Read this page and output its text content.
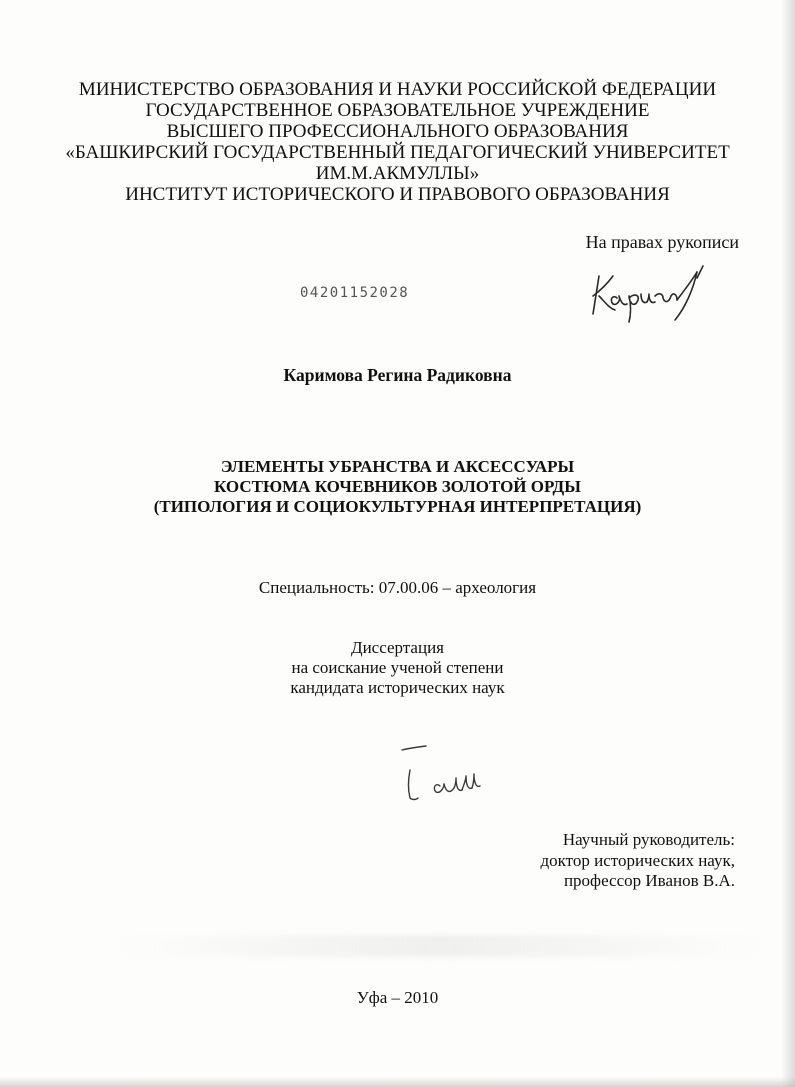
МИНИСТЕРСТВО ОБРАЗОВАНИЯ И НАУКИ РОССИЙСКОЙ ФЕДЕРАЦИИ
ГОСУДАРСТВЕННОЕ ОБРАЗОВАТЕЛЬНОЕ УЧРЕЖДЕНИЕ
ВЫСШЕГО ПРОФЕССИОНАЛЬНОГО ОБРАЗОВАНИЯ
«БАШКИРСКИЙ ГОСУДАРСТВЕННЫЙ ПЕДАГОГИЧЕСКИЙ УНИВЕРСИТЕТ
ИМ.М.АКМУЛЛЫ»
ИНСТИТУТ ИСТОРИЧЕСКОГО И ПРАВОВОГО ОБРАЗОВАНИЯ
На правах рукописи
04201152028
Каримова Регина Радиковна
ЭЛЕМЕНТЫ УБРАНСТВА И АКСЕССУАРЫ
КОСТЮМА КОЧЕВНИКОВ ЗОЛОТОЙ ОРДЫ
(ТИПОЛОГИЯ И СОЦИОКУЛЬТУРНАЯ ИНТЕРПРЕТАЦИЯ)
Специальность: 07.00.06 – археология
Диссертация
на соискание ученой степени
кандидата исторических наук
Научный руководитель:
доктор исторических наук,
профессор Иванов В.А.
Уфа – 2010
